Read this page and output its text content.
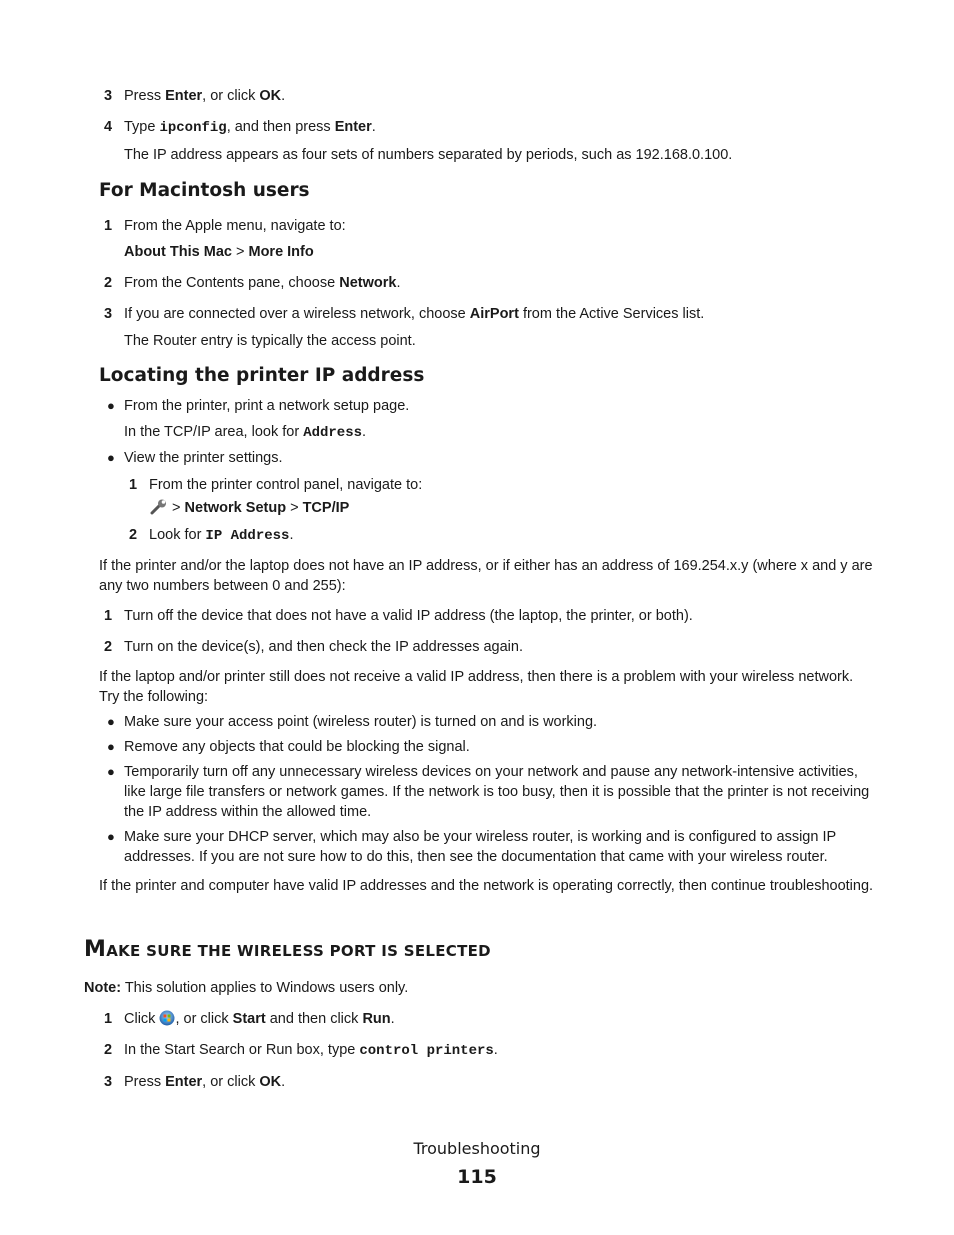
3 Press Enter, or click OK.
4 Type ipconfig, and then press Enter.
The IP address appears as four sets of numbers separated by periods, such as 192.168.0.100.
For Macintosh users
1 From the Apple menu, navigate to:
About This Mac > More Info
2 From the Contents pane, choose Network.
3 If you are connected over a wireless network, choose AirPort from the Active Services list.
The Router entry is typically the access point.
Locating the printer IP address
● From the printer, print a network setup page.
In the TCP/IP area, look for Address.
● View the printer settings.
1 From the printer control panel, navigate to:
> Network Setup > TCP/IP
2 Look for IP Address.
If the printer and/or the laptop does not have an IP address, or if either has an address of 169.254.x.y (where x and y are any two numbers between 0 and 255):
1 Turn off the device that does not have a valid IP address (the laptop, the printer, or both).
2 Turn on the device(s), and then check the IP addresses again.
If the laptop and/or printer still does not receive a valid IP address, then there is a problem with your wireless network. Try the following:
● Make sure your access point (wireless router) is turned on and is working.
● Remove any objects that could be blocking the signal.
● Temporarily turn off any unnecessary wireless devices on your network and pause any network-intensive activities, like large file transfers or network games. If the network is too busy, then it is possible that the printer is not receiving the IP address within the allowed time.
● Make sure your DHCP server, which may also be your wireless router, is working and is configured to assign IP addresses. If you are not sure how to do this, then see the documentation that came with your wireless router.
If the printer and computer have valid IP addresses and the network is operating correctly, then continue troubleshooting.
MAKE SURE THE WIRELESS PORT IS SELECTED
Note: This solution applies to Windows users only.
1 Click , or click Start and then click Run.
2 In the Start Search or Run box, type control printers.
3 Press Enter, or click OK.
Troubleshooting
115
